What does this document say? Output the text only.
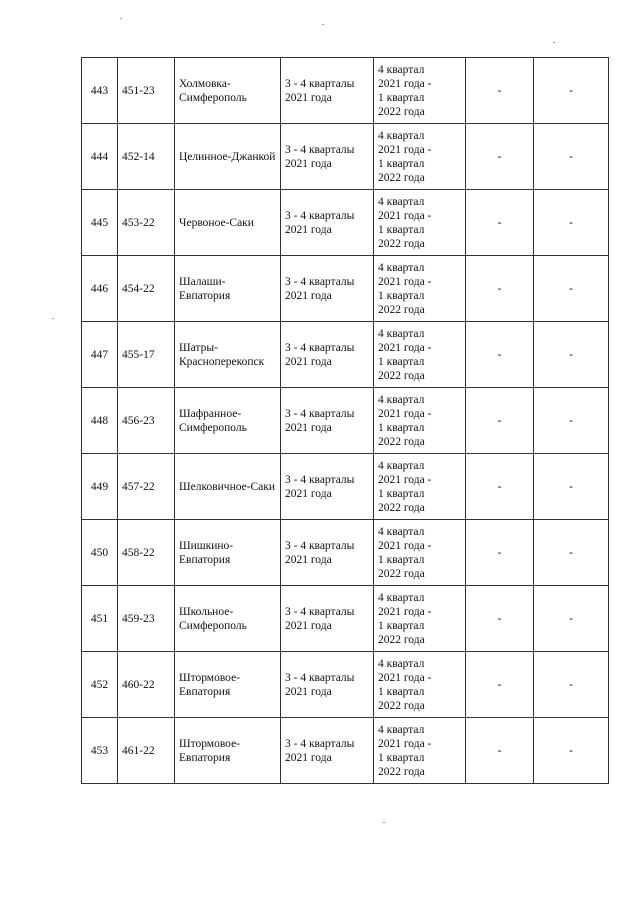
443	451-23	Холмовка-Симферополь	3 - 4 кварталы 2021 года	4 квартал
2021 года -
1 квартал
2022 года	-	-
444	452-14	Целинное-Джанкой	3 - 4 кварталы 2021 года	4 квартал
2021 года -
1 квартал
2022 года	-	-
445	453-22	Червоное-Саки	3 - 4 кварталы 2021 года	4 квартал
2021 года -
1 квартал
2022 года	-	-
446	454-22	Шалаши-Евпатория	3 - 4 кварталы 2021 года	4 квартал
2021 года -
1 квартал
2022 года	-	-
447	455-17	Шатры-Красноперекопск	3 - 4 кварталы 2021 года	4 квартал
2021 года -
1 квартал
2022 года	-	-
448	456-23	Шафранное-Симферополь	3 - 4 кварталы 2021 года	4 квартал
2021 года -
1 квартал
2022 года	-	-
449	457-22	Шелковичное-Саки	3 - 4 кварталы 2021 года	4 квартал
2021 года -
1 квартал
2022 года	-	-
450	458-22	Шишкино-Евпатория	3 - 4 кварталы 2021 года	4 квартал
2021 года -
1 квартал
2022 года	-	-
451	459-23	Школьное-Симферополь	3 - 4 кварталы 2021 года	4 квартал
2021 года -
1 квартал
2022 года	-	-
452	460-22	Штормовое-Евпатория	3 - 4 кварталы 2021 года	4 квартал
2021 года -
1 квартал
2022 года	-	-
453	461-22	Штормовое-Евпатория	3 - 4 кварталы 2021 года	4 квартал
2021 года -
1 квартал
2022 года	-	-
